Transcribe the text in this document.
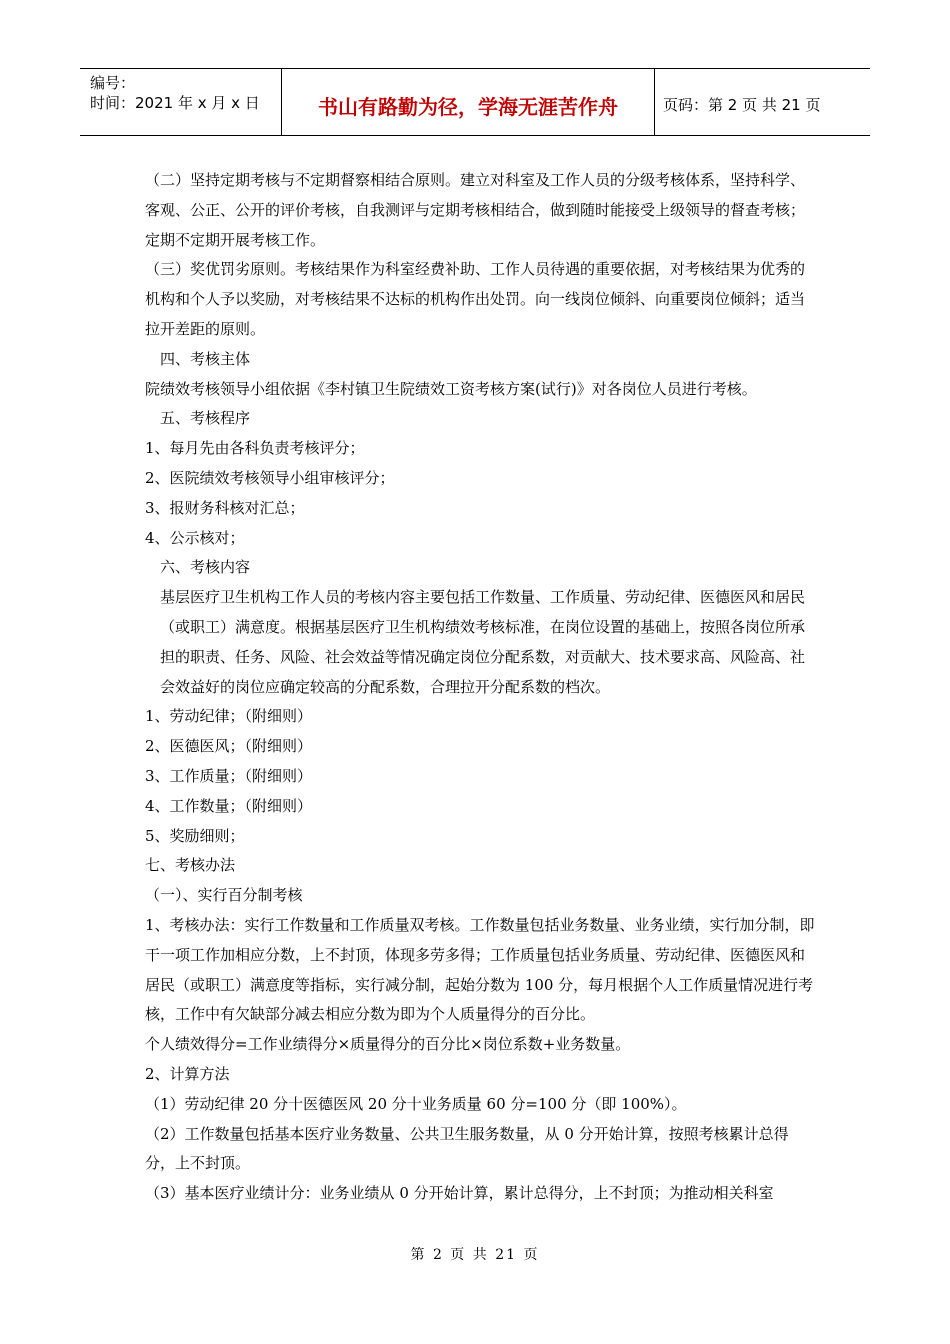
编号：
时间：2021 年 x 月 x 日	书山有路勤为径，学海无涯苦作舟	页码：第 2 页 共 21 页

（二）坚持定期考核与不定期督察相结合原则。建立对科室及工作人员的分级考核体系，坚持科学、客观、公正、公开的评价考核，自我测评与定期考核相结合，做到随时能接受上级领导的督查考核；定期不定期开展考核工作。

（三）奖优罚劣原则。考核结果作为科室经费补助、工作人员待遇的重要依据，对考核结果为优秀的机构和个人予以奖励，对考核结果不达标的机构作出处罚。向一线岗位倾斜、向重要岗位倾斜；适当拉开差距的原则。

四、考核主体

院绩效考核领导小组依据《李村镇卫生院绩效工资考核方案(试行)》对各岗位人员进行考核。

五、考核程序

1、每月先由各科负责考核评分；

2、医院绩效考核领导小组审核评分；

3、报财务科核对汇总；

4、公示核对；

六、考核内容

基层医疗卫生机构工作人员的考核内容主要包括工作数量、工作质量、劳动纪律、医德医风和居民（或职工）满意度。根据基层医疗卫生机构绩效考核标准，在岗位设置的基础上，按照各岗位所承担的职责、任务、风险、社会效益等情况确定岗位分配系数，对贡献大、技术要求高、风险高、社会效益好的岗位应确定较高的分配系数，合理拉开分配系数的档次。

1、劳动纪律；（附细则）

2、医德医风；（附细则）

3、工作质量；（附细则）

4、工作数量；（附细则）

5、奖励细则；

七、考核办法

（一）、实行百分制考核

1、考核办法：实行工作数量和工作质量双考核。工作数量包括业务数量、业务业绩，实行加分制，即干一项工作加相应分数，上不封顶，体现多劳多得；工作质量包括业务质量、劳动纪律、医德医风和居民（或职工）满意度等指标，实行减分制，起始分数为 100 分，每月根据个人工作质量情况进行考核，工作中有欠缺部分减去相应分数为即为个人质量得分的百分比。

个人绩效得分=工作业绩得分×质量得分的百分比×岗位系数+业务数量。

2、计算方法

（1）劳动纪律 20 分十医德医风 20 分十业务质量 60 分=100 分（即 100%）。

（2）工作数量包括基本医疗业务数量、公共卫生服务数量，从 0 分开始计算，按照考核累计总得分，上不封顶。

（3）基本医疗业绩计分：业务业绩从 0 分开始计算，累计总得分，上不封顶；为推动相关科室

第 2 页 共 21 页
